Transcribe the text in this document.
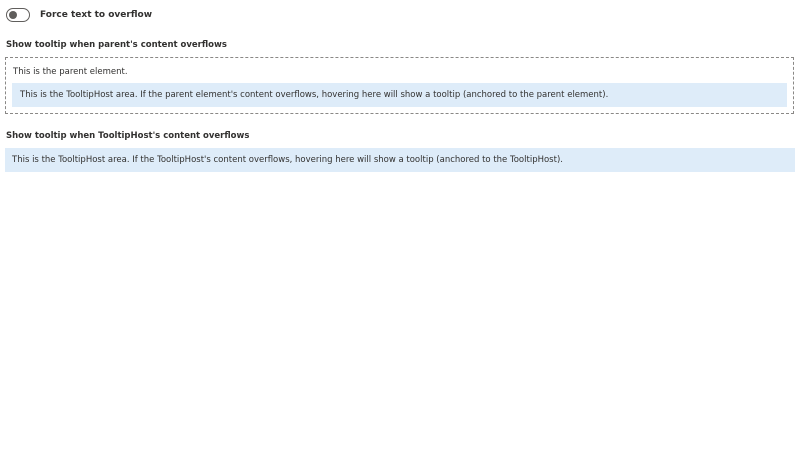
Force text to overflow
Show tooltip when parent's content overflows
This is the parent element.
This is the TooltipHost area. If the parent element's content overflows, hovering here will show a tooltip (anchored to the parent element).
Show tooltip when TooltipHost's content overflows
This is the TooltipHost area. If the TooltipHost's content overflows, hovering here will show a tooltip (anchored to the TooltipHost).
